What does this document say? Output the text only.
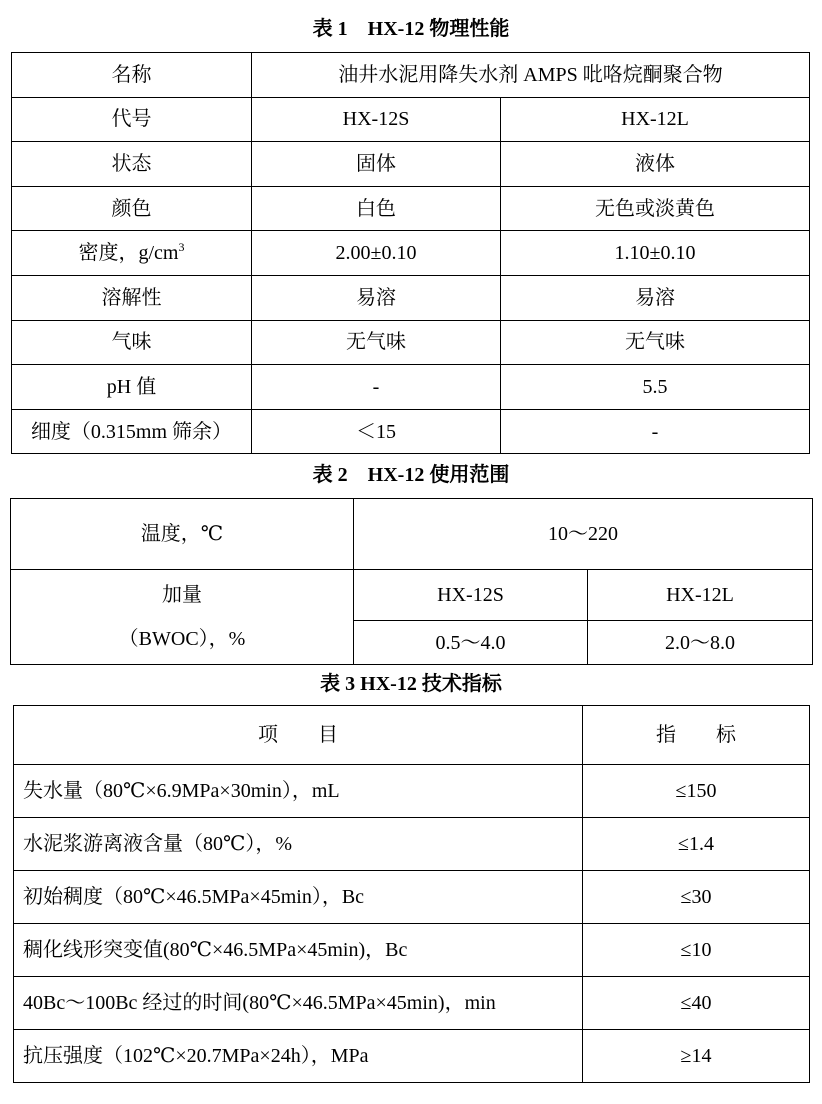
表 1　HX-12 物理性能
名称	油井水泥用降失水剂 AMPS 吡咯烷酮聚合物	
代号	HX-12S	HX-12L
状态	固体	液体
颜色	白色	无色或淡黄色
密度，$g/cm^3$	2.00±0.10	1.10±0.10
溶解性	易溶	易溶
气味	无气味	无气味
pH 值	-	5.5
细度（0.315mm 筛余）	＜15	-
表 2　HX-12 使用范围
温度，℃	10～220	

加量
（BWOC），%	HX-12S	HX-12L
	0.5～4.0	2.0～8.0
表 3 HX-12 技术指标
项　　目	指　　标
失水量（80℃×6.9MPa×30min），mL	≤150
水泥浆游离液含量（80℃），%	≤1.4
初始稠度（80℃×46.5MPa×45min），Bc	≤30
稠化线形突变值(80℃×46.5MPa×45min)，Bc	≤10
40Bc～100Bc 经过的时间(80℃×46.5MPa×45min)，min	≤40
抗压强度（102℃×20.7MPa×24h），MPa	≥14
